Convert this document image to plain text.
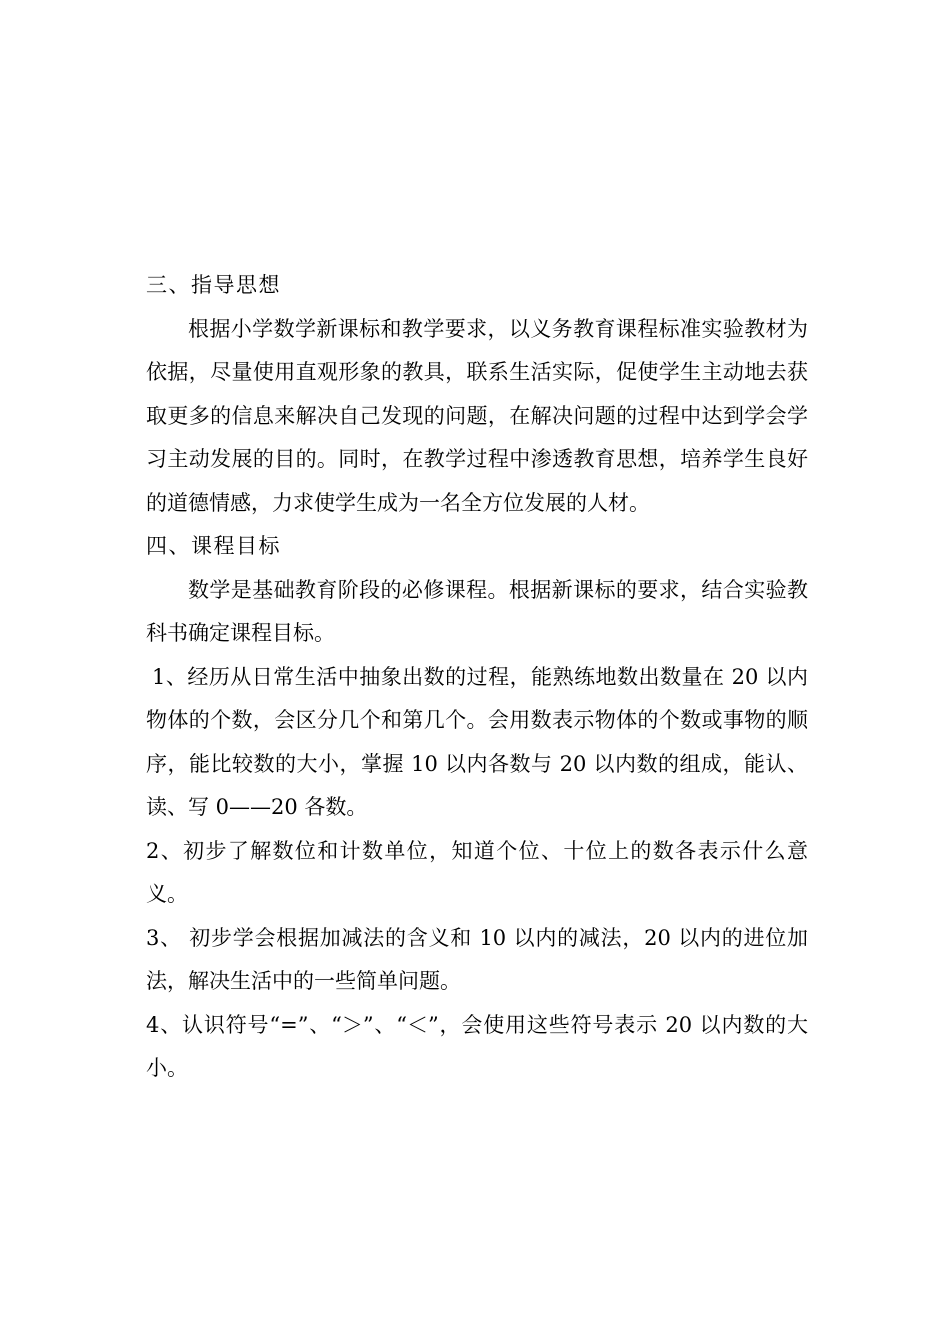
三、指导思想

根据小学数学新课标和教学要求，以义务教育课程标准实验教材为依据，尽量使用直观形象的教具，联系生活实际，促使学生主动地去获取更多的信息来解决自己发现的问题，在解决问题的过程中达到学会学习主动发展的目的。同时，在教学过程中渗透教育思想，培养学生良好的道德情感，力求使学生成为一名全方位发展的人材。

四、课程目标

数学是基础教育阶段的必修课程。根据新课标的要求，结合实验教科书确定课程目标。

1、经历从日常生活中抽象出数的过程，能熟练地数出数量在 20 以内物体的个数，会区分几个和第几个。会用数表示物体的个数或事物的顺序，能比较数的大小，掌握 10 以内各数与 20 以内数的组成，能认、读、写 0——20 各数。

2、初步了解数位和计数单位，知道个位、十位上的数各表示什么意义。

3、 初步学会根据加减法的含义和 10 以内的减法，20 以内的进位加法，解决生活中的一些简单问题。

4、认识符号“=”、“＞”、“＜”，会使用这些符号表示 20 以内数的大小。
